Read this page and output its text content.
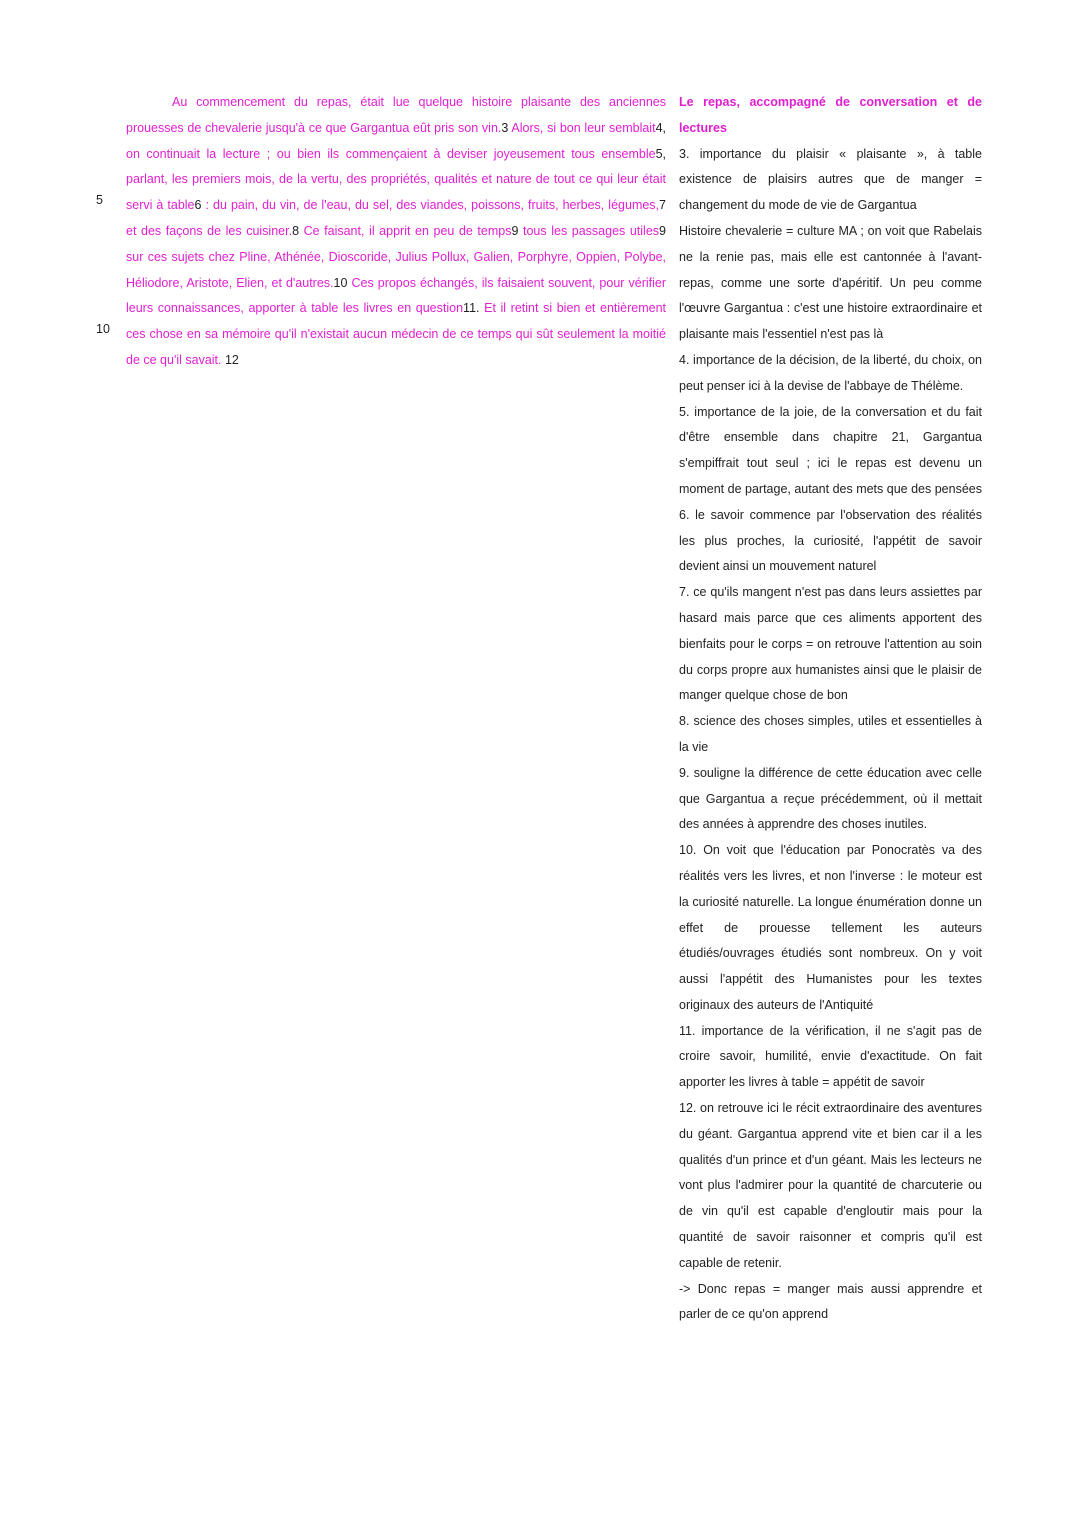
5
10

Au commencement du repas, était lue quelque histoire plaisante des anciennes prouesses de chevalerie jusqu'à ce que Gargantua eût pris son vin.3 Alors, si bon leur semblait4, on continuait la lecture ; ou bien ils commençaient à deviser joyeusement tous ensemble5, parlant, les premiers mois, de la vertu, des propriétés, qualités et nature de tout ce qui leur était servi à table6 : du pain, du vin, de l'eau, du sel, des viandes, poissons, fruits, herbes, légumes,7 et des façons de les cuisiner.8 Ce faisant, il apprit en peu de temps9 tous les passages utiles9 sur ces sujets chez Pline, Athénée, Dioscoride, Julius Pollux, Galien, Porphyre, Oppien, Polybe, Héliodore, Aristote, Elien, et d'autres.10 Ces propos échangés, ils faisaient souvent, pour vérifier leurs connaissances, apporter à table les livres en question11. Et il retint si bien et entièrement ces chose en sa mémoire qu'il n'existait aucun médecin de ce temps qui sût seulement la moitié de ce qu'il savait. 12

Le repas, accompagné de conversation et de lectures

3. importance du plaisir « plaisante », à table existence de plaisirs autres que de manger = changement du mode de vie de Gargantua

Histoire chevalerie = culture MA ; on voit que Rabelais ne la renie pas, mais elle est cantonnée à l'avant-repas, comme une sorte d'apéritif. Un peu comme l'œuvre Gargantua : c'est une histoire extraordinaire et plaisante mais l'essentiel n'est pas là

4. importance de la décision, de la liberté, du choix, on peut penser ici à la devise de l'abbaye de Thélème.

5. importance de la joie, de la conversation et du fait d'être ensemble dans chapitre 21, Gargantua s'empiffrait tout seul ; ici le repas est devenu un moment de partage, autant des mets que des pensées

6. le savoir commence par l'observation des réalités les plus proches, la curiosité, l'appétit de savoir devient ainsi un mouvement naturel

7. ce qu'ils mangent n'est pas dans leurs assiettes par hasard mais parce que ces aliments apportent des bienfaits pour le corps = on retrouve l'attention au soin du corps propre aux humanistes ainsi que le plaisir de manger quelque chose de bon

8. science des choses simples, utiles et essentielles à la vie

9. souligne la différence de cette éducation avec celle que Gargantua a reçue précédemment, où il mettait des années à apprendre des choses inutiles.

10. On voit que l'éducation par Ponocratès va des réalités vers les livres, et non l'inverse : le moteur est la curiosité naturelle. La longue énumération donne un effet de prouesse tellement les auteurs étudiés/ouvrages étudiés sont nombreux. On y voit aussi l'appétit des Humanistes pour les textes originaux des auteurs de l'Antiquité

11. importance de la vérification, il ne s'agit pas de croire savoir, humilité, envie d'exactitude. On fait apporter les livres à table = appétit de savoir

12. on retrouve ici le récit extraordinaire des aventures du géant. Gargantua apprend vite et bien car il a les qualités d'un prince et d'un géant. Mais les lecteurs ne vont plus l'admirer pour la quantité de charcuterie ou de vin qu'il est capable d'engloutir mais pour la quantité de savoir raisonner et compris qu'il est capable de retenir.

-> Donc repas = manger mais aussi apprendre et parler de ce qu'on apprend
